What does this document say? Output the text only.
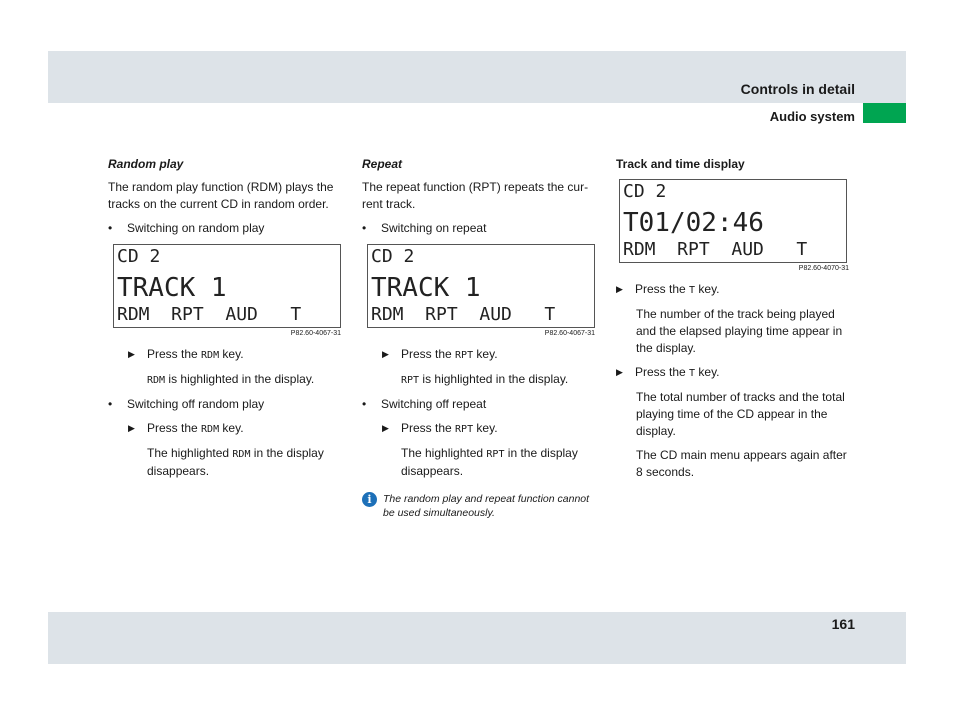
Controls in detail
Audio system
Random play

The random play function (RDM) plays the tracks on the current CD in random order.

•	Switching on random play
CD 2
TRACK 1
RDM  RPT  AUD   T
P82.60-4067-31
▶	Press the RDM key.

RDM is highlighted in the display.

•	Switching off random play
▶	Press the RDM key.

The highlighted RDM in the display disappears.

Repeat

The repeat function (RPT) repeats the cur-rent track.

•	Switching on repeat
CD 2
TRACK 1
RDM  RPT  AUD   T
P82.60-4067-31
▶	Press the RPT key.

RPT is highlighted in the display.

•	Switching off repeat
▶	Press the RPT key.

The highlighted RPT in the display disappears.

i	The random play and repeat function cannot be used simultaneously.
Track and time display
CD 2
T01/02:46
RDM  RPT  AUD   T
P82.60-4070-31
▶	Press the T key.

The number of the track being played and the elapsed playing time appear in the display.

▶	Press the T key.

The total number of tracks and the total playing time of the CD appear in the display.

The CD main menu appears again after 8 seconds.

161
